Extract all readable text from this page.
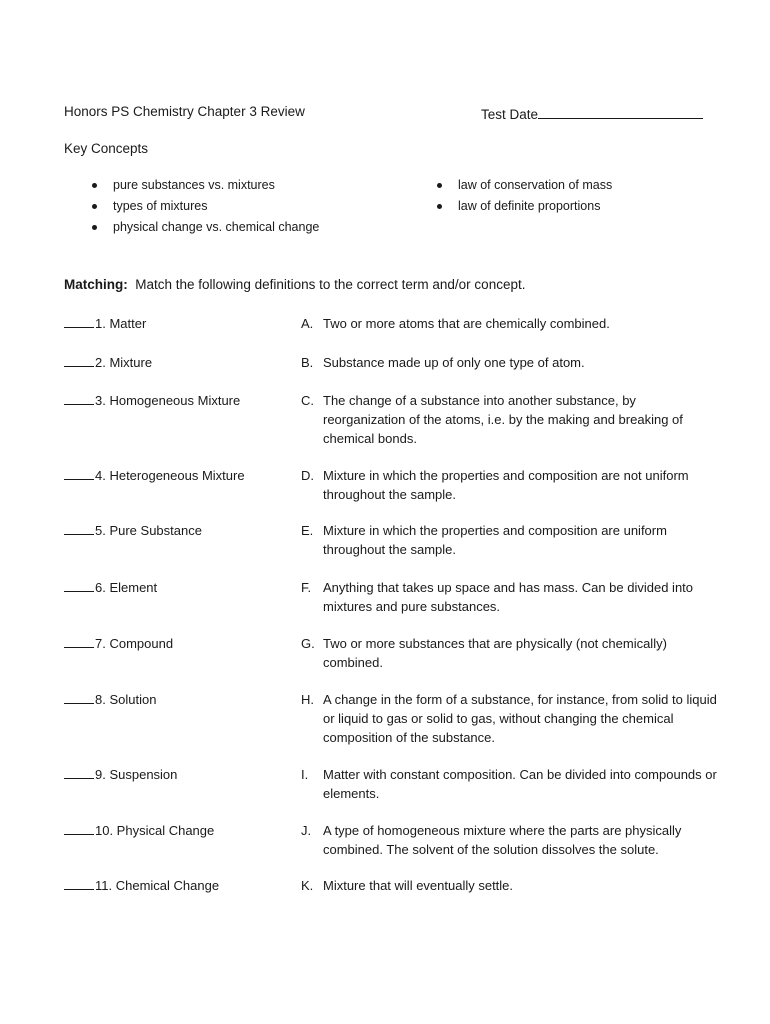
Honors PS Chemistry Chapter 3 Review	Test Date
Key Concepts
pure substances vs. mixtures
types of mixtures
physical change vs. chemical change
law of conservation of mass
law of definite proportions
Matching: Match the following definitions to the correct term and/or concept.
1. Matter	A. Two or more atoms that are chemically combined.
2. Mixture	B. Substance made up of only one type of atom.
3. Homogeneous Mixture	C. The change of a substance into another substance, by reorganization of the atoms, i.e. by the making and breaking of chemical bonds.
4. Heterogeneous Mixture	D. Mixture in which the properties and composition are not uniform throughout the sample.
5. Pure Substance	E. Mixture in which the properties and composition are uniform throughout the sample.
6. Element	F. Anything that takes up space and has mass. Can be divided into mixtures and pure substances.
7. Compound	G. Two or more substances that are physically (not chemically) combined.
8. Solution	H. A change in the form of a substance, for instance, from solid to liquid or liquid to gas or solid to gas, without changing the chemical composition of the substance.
9. Suspension	I. Matter with constant composition. Can be divided into compounds or elements.
10. Physical Change	J. A type of homogeneous mixture where the parts are physically combined. The solvent of the solution dissolves the solute.
11. Chemical Change	K. Mixture that will eventually settle.
